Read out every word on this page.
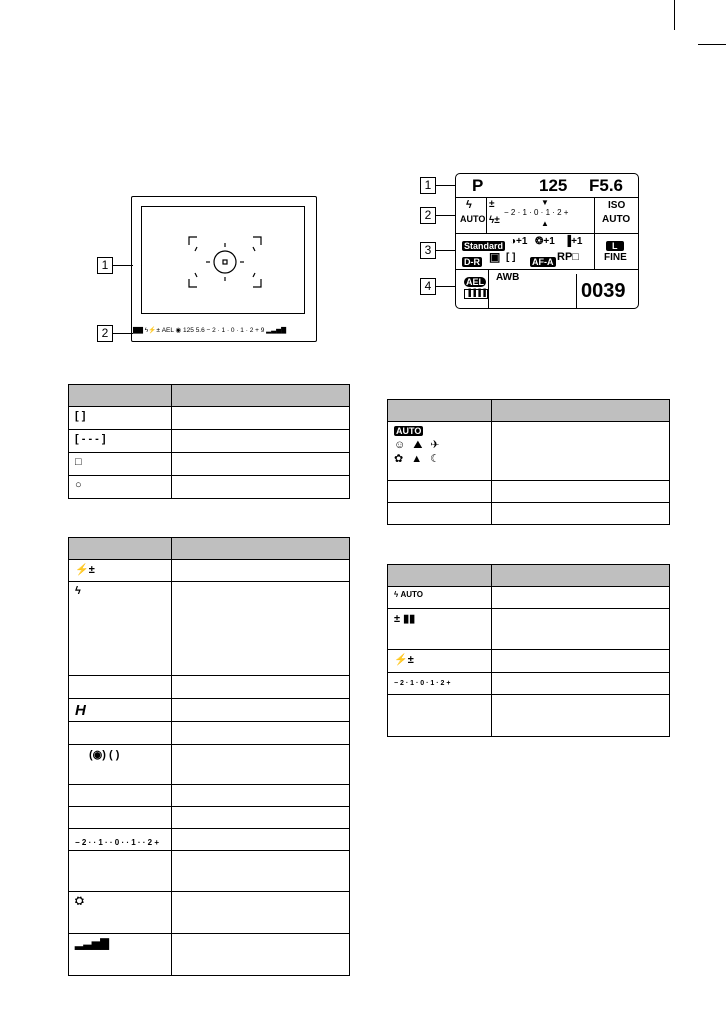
1
2	▇▇ ϟ⚡± AEL ◉ 125 5.6 − 2 · 1 · 0 · 1 · 2 + 9 ▂▃▅▇
1
2
3
4
P	125 F5.6
ϟ
AUTO
±
ϟ±
− 2 · 1 · 0 · 1 · 2 +
▼
▲
ISO
AUTO
Standard ◑+1 ❂+1 ▐+1
D-R ▣ [ ] AF-A RP□
L
FINE
AEL
▐▐▐▐
AWB
0039

[ ]	
[ - - - ]	
□	
○	

⚡±	
ϟ	

H	

(◉) ( )	

− 2 · · 1 · · 0 · · 1 · · 2 +	

⛭	
▂▃▅▇	

AUTO
☺⛰✈
✿▲☾	

ϟ AUTO	
± ▮▮	
⚡±	
− 2 · 1 · 0 · 1 · 2 +	
